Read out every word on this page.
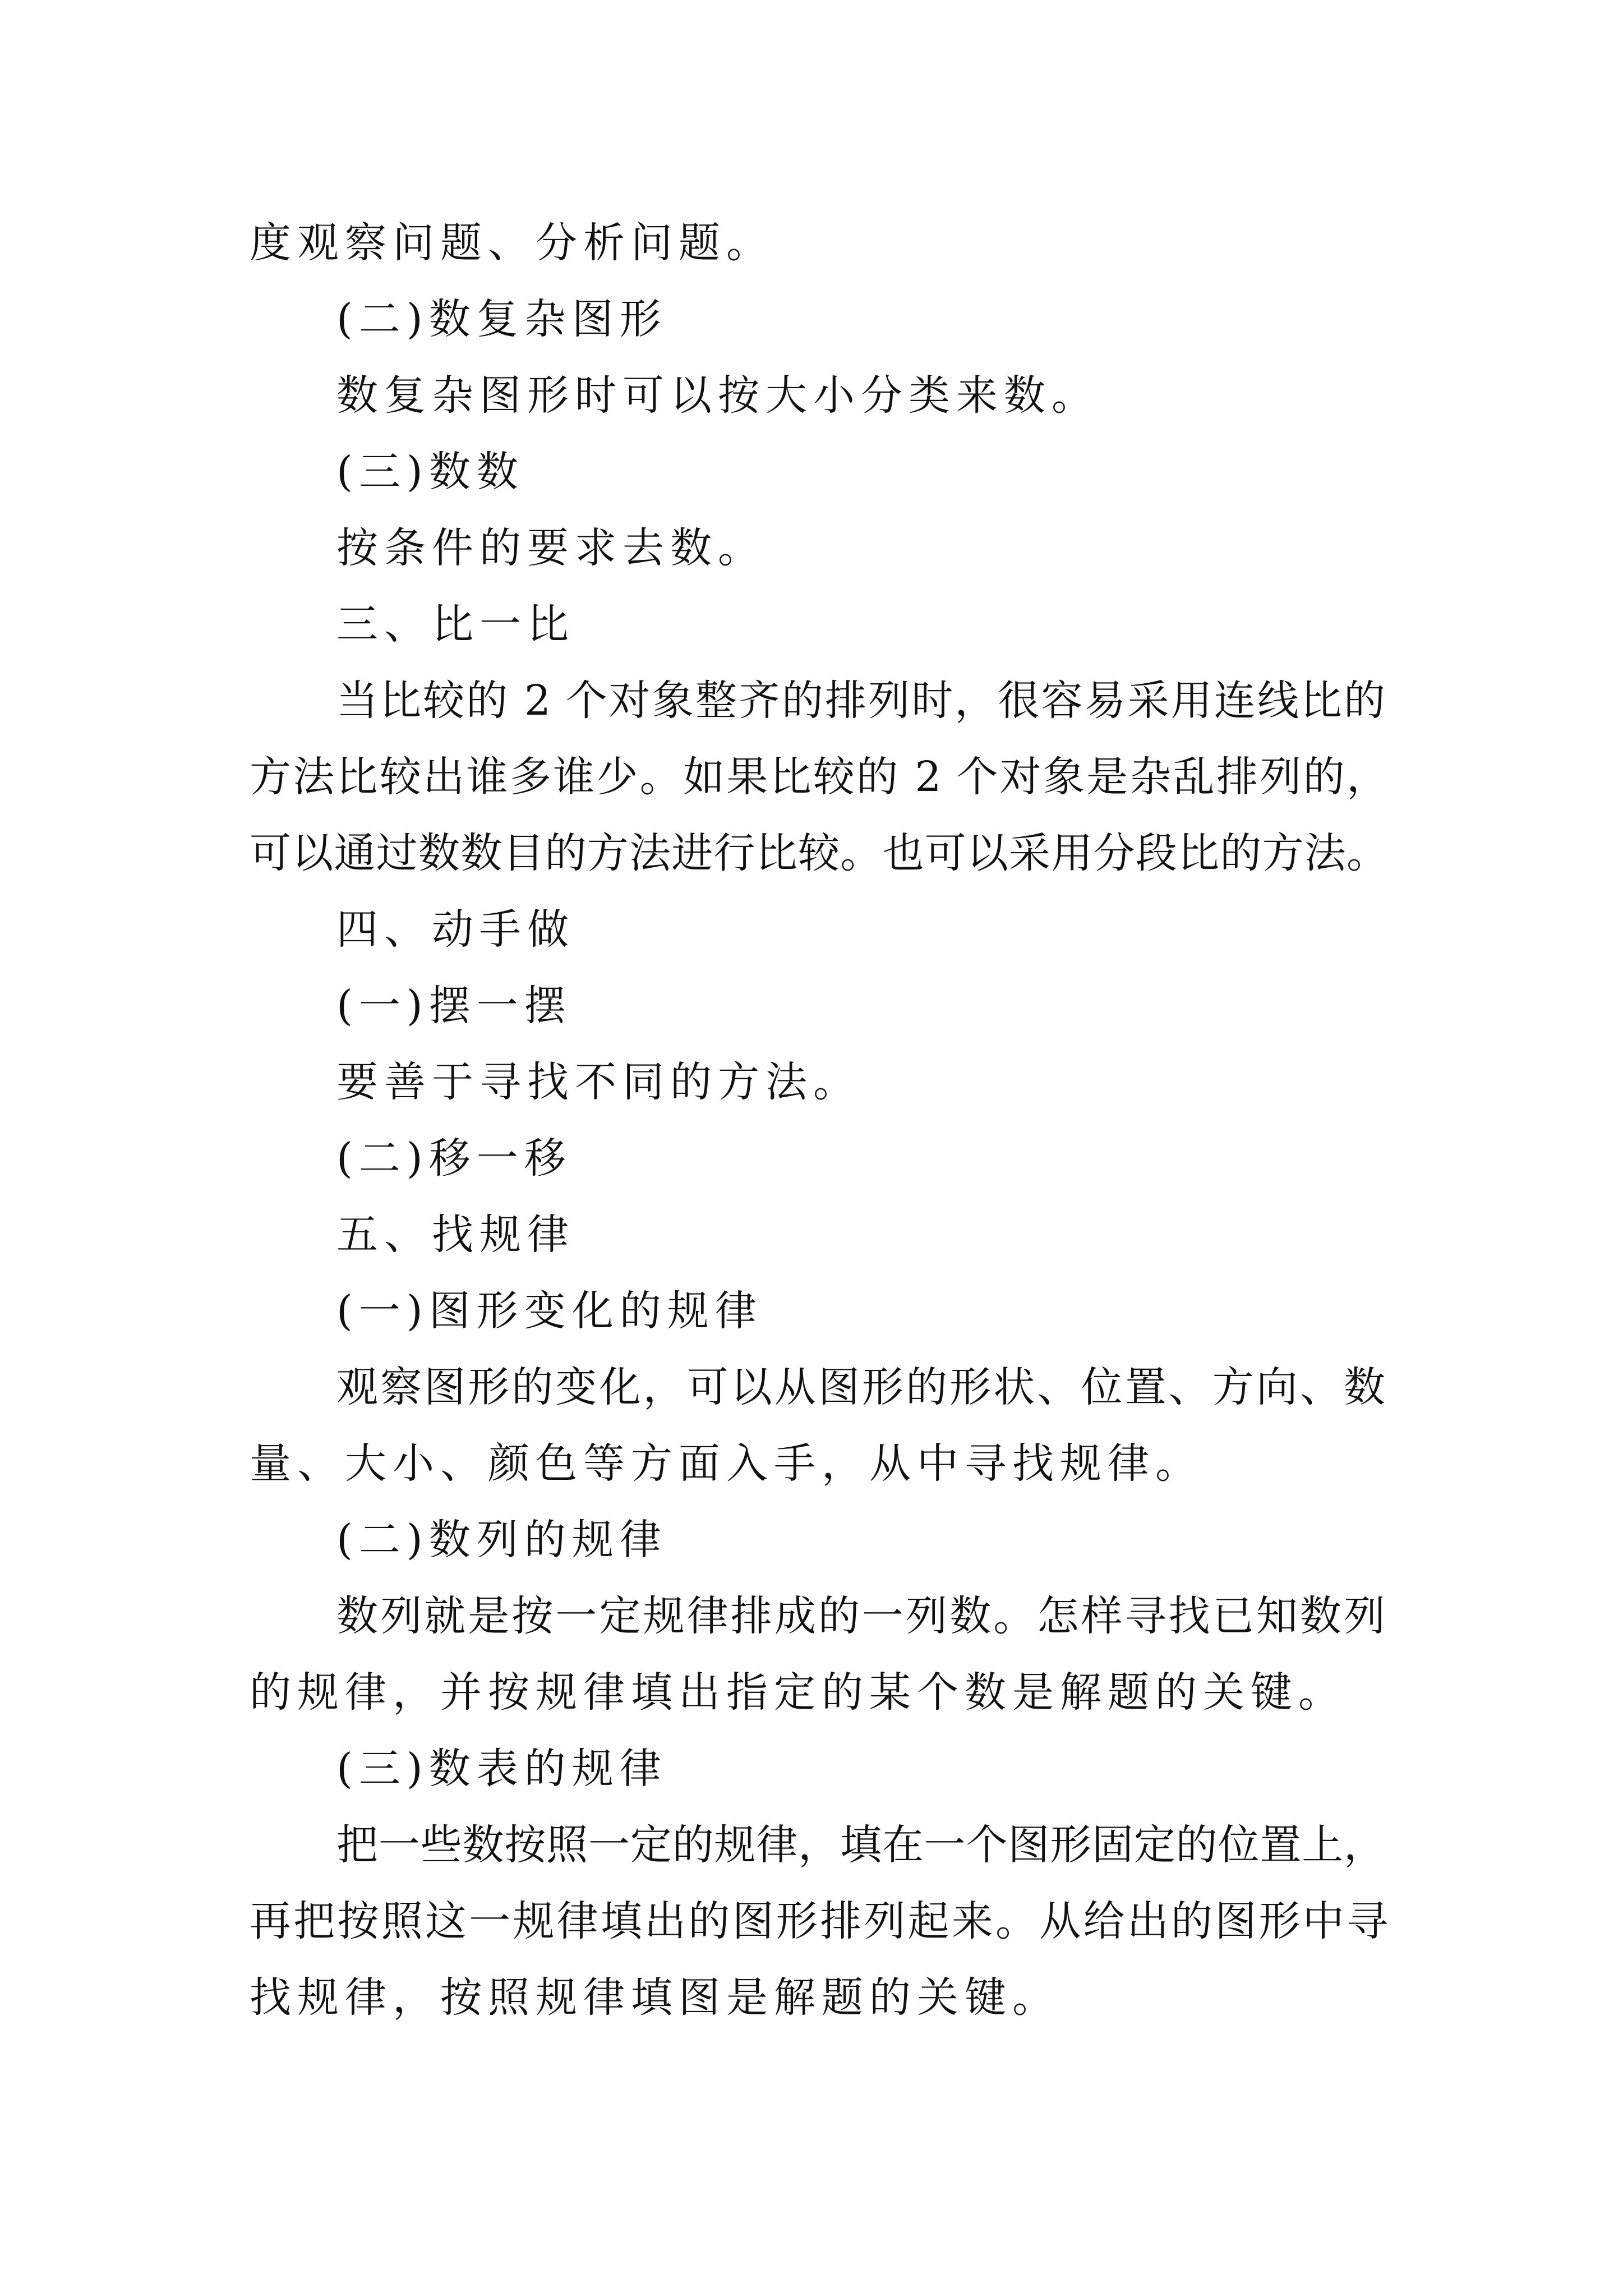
度观察问题、分析问题。
(二)数复杂图形
数复杂图形时可以按大小分类来数。
(三)数数
按条件的要求去数。
三、比一比
当比较的 2 个对象整齐的排列时，很容易采用连线比的
方法比较出谁多谁少。如果比较的 2 个对象是杂乱排列的，
可以通过数数目的方法进行比较。也可以采用分段比的方法。
四、动手做
(一)摆一摆
要善于寻找不同的方法。
(二)移一移
五、找规律
(一)图形变化的规律
观察图形的变化，可以从图形的形状、位置、方向、数
量、大小、颜色等方面入手，从中寻找规律。
(二)数列的规律
数列就是按一定规律排成的一列数。怎样寻找已知数列
的规律，并按规律填出指定的某个数是解题的关键。
(三)数表的规律
把一些数按照一定的规律，填在一个图形固定的位置上，
再把按照这一规律填出的图形排列起来。从给出的图形中寻
找规律，按照规律填图是解题的关键。
